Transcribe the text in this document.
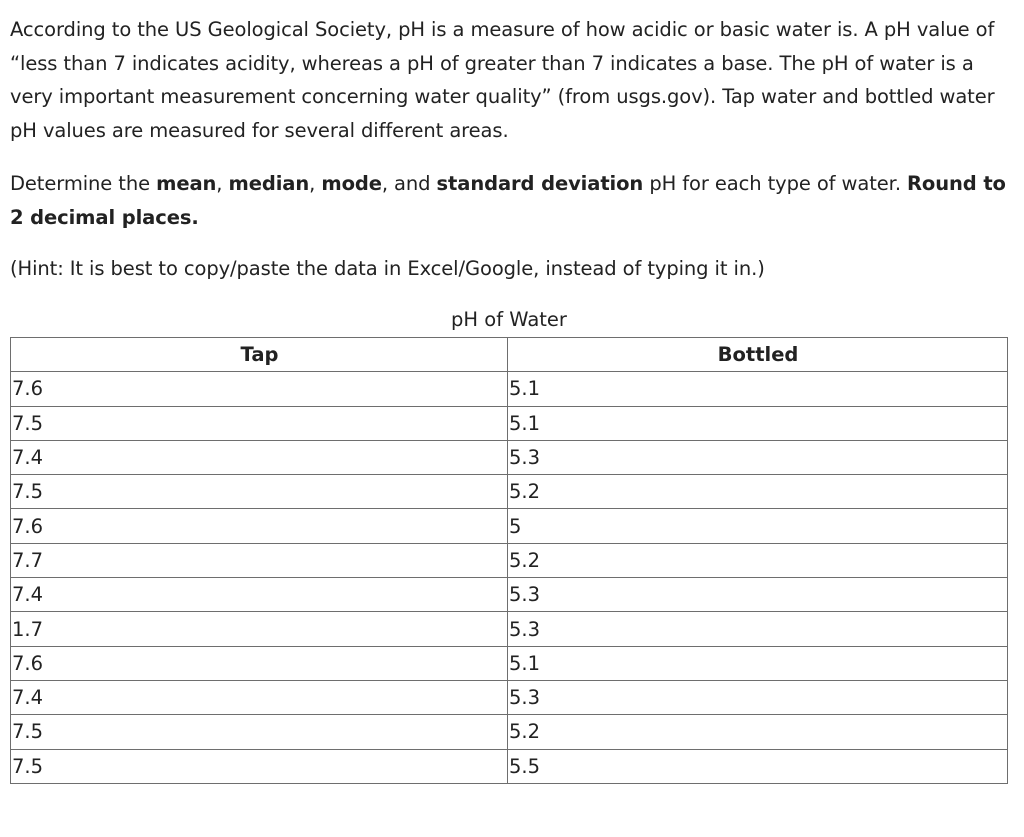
According to the US Geological Society, pH is a measure of how acidic or basic water is. A pH value of “less than 7 indicates acidity, whereas a pH of greater than 7 indicates a base. The pH of water is a very important measurement concerning water quality” (from usgs.gov). Tap water and bottled water pH values are measured for several different areas.

Determine the mean, median, mode, and standard deviation pH for each type of water. Round to 2 decimal places.

(Hint: It is best to copy/paste the data in Excel/Google, instead of typing it in.)

pH of Water
Tap	Bottled
7.6	5.1
7.5	5.1
7.4	5.3
7.5	5.2
7.6	5
7.7	5.2
7.4	5.3
1.7	5.3
7.6	5.1
7.4	5.3
7.5	5.2
7.5	5.5
